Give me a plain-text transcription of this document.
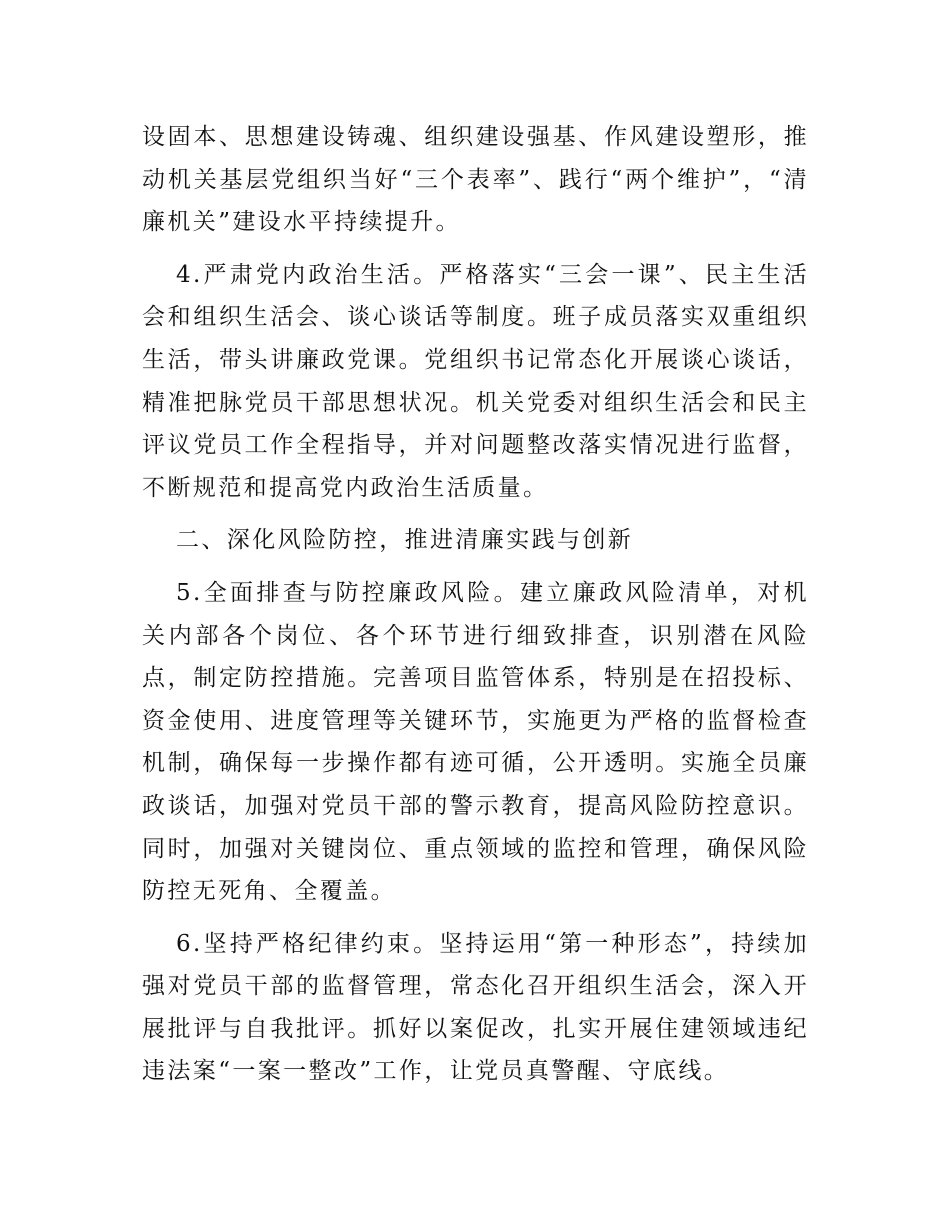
设固本、思想建设铸魂、组织建设强基、作风建设塑形，推动机关基层党组织当好“三个表率”、践行“两个维护”，“清廉机关”建设水平持续提升。

4.严肃党内政治生活。严格落实“三会一课”、民主生活会和组织生活会、谈心谈话等制度。班子成员落实双重组织生活，带头讲廉政党课。党组织书记常态化开展谈心谈话，精准把脉党员干部思想状况。机关党委对组织生活会和民主评议党员工作全程指导，并对问题整改落实情况进行监督，不断规范和提高党内政治生活质量。

二、深化风险防控，推进清廉实践与创新

5.全面排查与防控廉政风险。建立廉政风险清单，对机关内部各个岗位、各个环节进行细致排查，识别潜在风险点，制定防控措施。完善项目监管体系，特别是在招投标、资金使用、进度管理等关键环节，实施更为严格的监督检查机制，确保每一步操作都有迹可循，公开透明。实施全员廉政谈话，加强对党员干部的警示教育，提高风险防控意识。同时，加强对关键岗位、重点领域的监控和管理，确保风险防控无死角、全覆盖。

6.坚持严格纪律约束。坚持运用“第一种形态”，持续加强对党员干部的监督管理，常态化召开组织生活会，深入开展批评与自我批评。抓好以案促改，扎实开展住建领域违纪违法案“一案一整改”工作，让党员真警醒、守底线。
